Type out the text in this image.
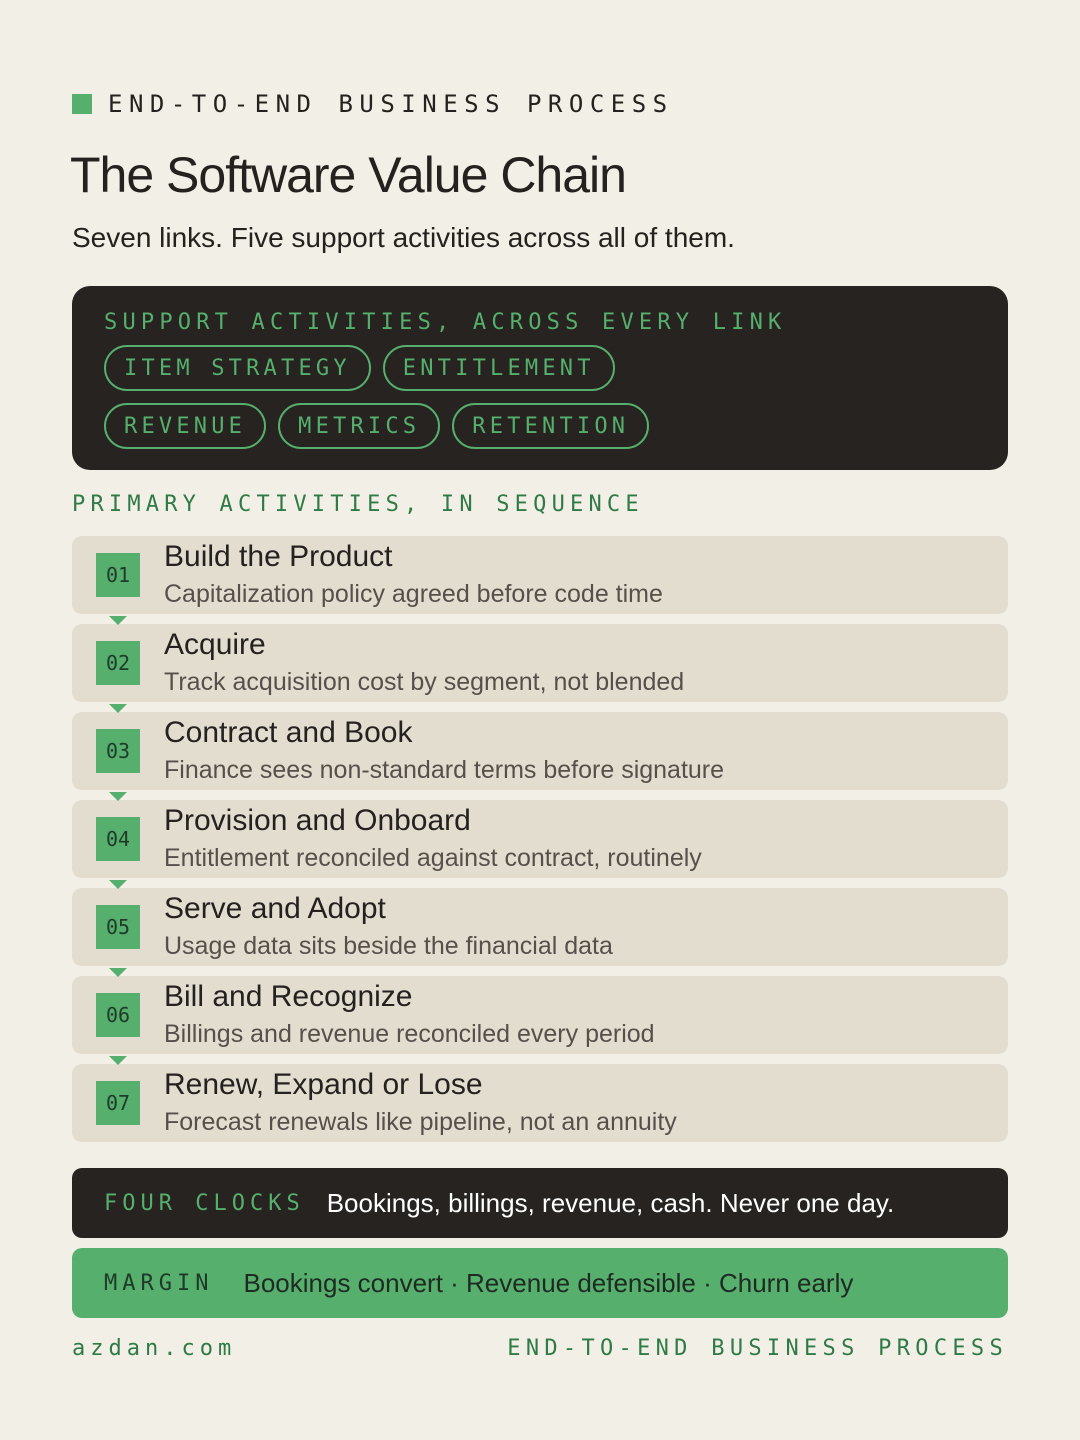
END-TO-END BUSINESS PROCESS
The Software Value Chain

Seven links. Five support activities across all of them.

SUPPORT ACTIVITIES, ACROSS EVERY LINK
ITEM STRATEGY	ENTITLEMENT
REVENUE	METRICS	RETENTION
PRIMARY ACTIVITIES, IN SEQUENCE
01
Build the Product
Capitalization policy agreed before code time
02
Acquire
Track acquisition cost by segment, not blended
03
Contract and Book
Finance sees non-standard terms before signature
04
Provision and Onboard
Entitlement reconciled against contract, routinely
05
Serve and Adopt
Usage data sits beside the financial data
06
Bill and Recognize
Billings and revenue reconciled every period
07
Renew, Expand or Lose
Forecast renewals like pipeline, not an annuity
FOUR CLOCKS Bookings, billings, revenue, cash. Never one day.
MARGIN Bookings convert · Revenue defensible · Churn early
azdan.com	END-TO-END BUSINESS PROCESS
